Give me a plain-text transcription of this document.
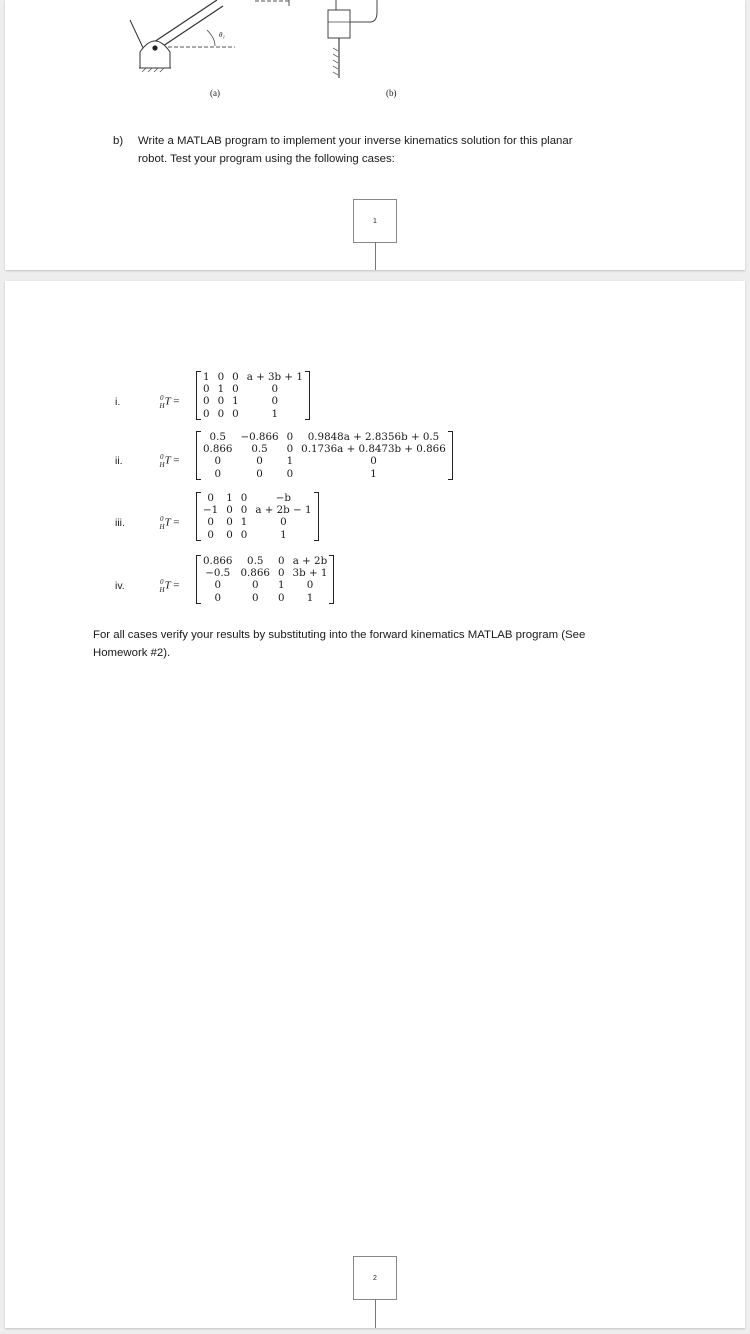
θ₁
(a)	(b)
b) Write a MATLAB program to implement your inverse kinematics solution for this planar
robot. Test your program using the following cases:
1
i.	$^0_H$T =
1	0	0	a + 3b + 1
0	1	0	0
0	0	1	0
0	0	0	1
ii.	$^0_H$T =
0.5	−0.866	0	0.9848a + 2.8356b + 0.5
0.866	0.5	0	0.1736a + 0.8473b + 0.866
0	0	1	0
0	0	0	1
iii.	$^0_H$T =
0	1	0	−b
−1	0	0	a + 2b − 1
0	0	1	0
0	0	0	1
iv.	$^0_H$T =
0.866	0.5	0	a + 2b
−0.5	0.866	0	3b + 1
0	0	1	0
0	0	0	1
For all cases verify your results by substituting into the forward kinematics MATLAB program (See
Homework #2).
2
